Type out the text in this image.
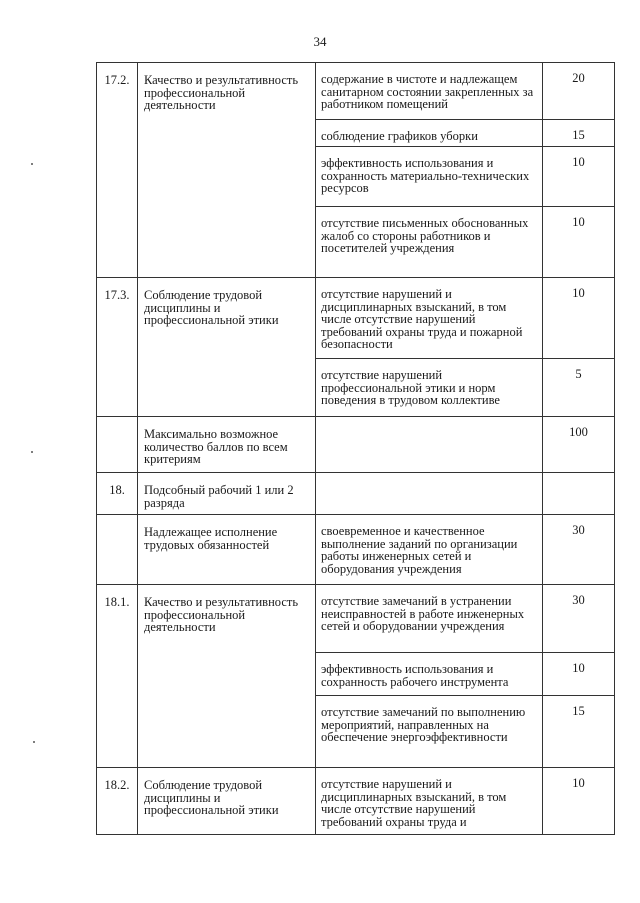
34
17.2.	Качество и результативность профессиональной деятельности	содержание в чистоте и надлежащем санитарном состоянии закрепленных за работником помещений	20
		соблюдение графиков уборки	15
		эффективность использования и сохранность материально-технических ресурсов	10
		отсутствие письменных обоснованных жалоб со стороны работников и посетителей учреждения	10
17.3.	Соблюдение трудовой дисциплины и профессиональной этики	отсутствие нарушений и дисциплинарных взысканий, в том числе отсутствие нарушений требований охраны труда и пожарной безопасности	10
		отсутствие нарушений профессиональной этики и норм поведения в трудовом коллективе	5
	Максимально возможное количество баллов по всем критериям		100
18.	Подсобный рабочий 1 или 2 разряда		
	Надлежащее исполнение трудовых обязанностей	своевременное и качественное выполнение заданий по организации работы инженерных сетей и оборудования учреждения	30
18.1.	Качество и результативность профессиональной деятельности	отсутствие замечаний в устранении неисправностей в работе инженерных сетей и оборудовании учреждения	30
		эффективность использования и сохранность рабочего инструмента	10
		отсутствие замечаний по выполнению мероприятий, направленных на обеспечение энергоэффективности	15
18.2.	Соблюдение трудовой дисциплины и профессиональной этики	отсутствие нарушений и дисциплинарных взысканий, в том числе отсутствие нарушений требований охраны труда и	10
